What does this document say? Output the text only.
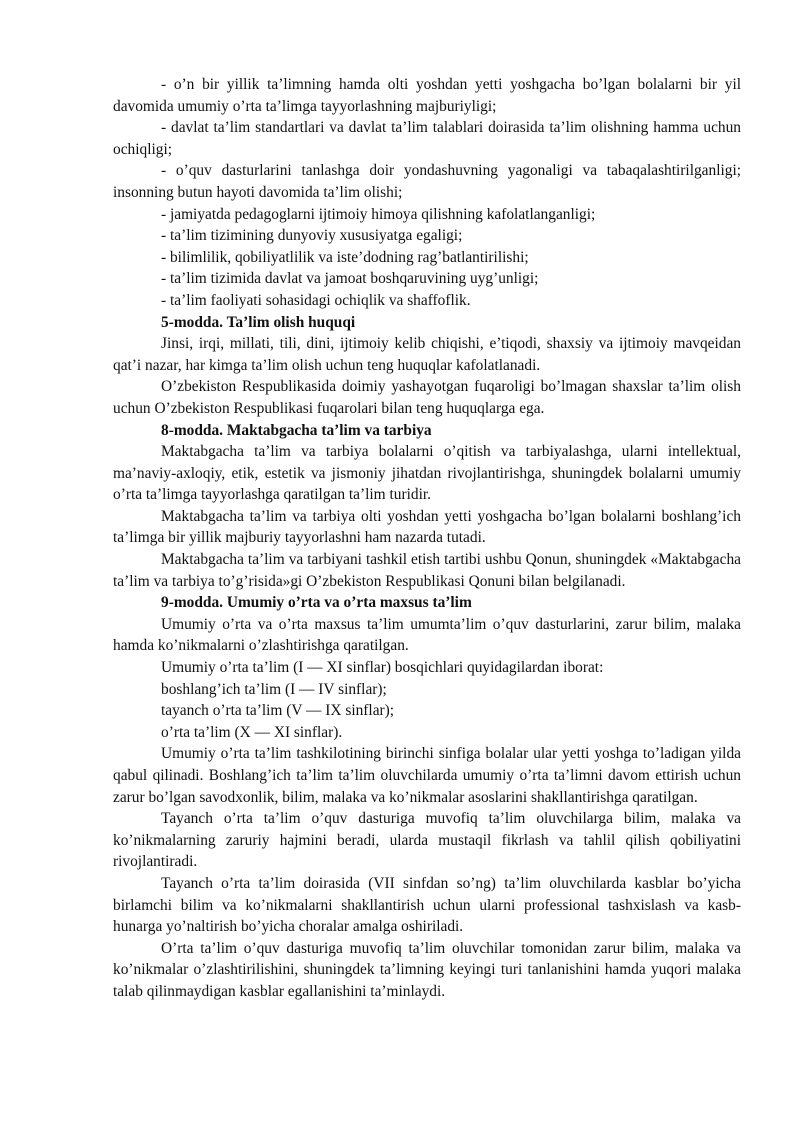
- o’n bir yillik ta’limning hamda olti yoshdan yetti yoshgacha bo’lgan bolalarni bir yil davomida umumiy o’rta ta’limga tayyorlashning majburiyligi;

- davlat ta’lim standartlari va davlat ta’lim talablari doirasida ta’lim olishning hamma uchun ochiqligi;

- o’quv dasturlarini tanlashga doir yondashuvning yagonaligi va tabaqalashtirilganligi; insonning butun hayoti davomida ta’lim olishi;

- jamiyatda pedagoglarni ijtimoiy himoya qilishning kafolatlanganligi;

- ta’lim tizimining dunyoviy xususiyatga egaligi;

- bilimlilik, qobiliyatlilik va iste’dodning rag’batlantirilishi;

- ta’lim tizimida davlat va jamoat boshqaruvining uyg’unligi;

- ta’lim faoliyati sohasidagi ochiqlik va shaffoflik.

5-modda. Ta’lim olish huquqi

Jinsi, irqi, millati, tili, dini, ijtimoiy kelib chiqishi, e’tiqodi, shaxsiy va ijtimoiy mavqeidan qat’i nazar, har kimga ta’lim olish uchun teng huquqlar kafolatlanadi.

O’zbekiston Respublikasida doimiy yashayotgan fuqaroligi bo’lmagan shaxslar ta’lim olish uchun O’zbekiston Respublikasi fuqarolari bilan teng huquqlarga ega.

8-modda. Maktabgacha ta’lim va tarbiya

Maktabgacha ta’lim va tarbiya bolalarni o’qitish va tarbiyalashga, ularni intellektual, ma’naviy-axloqiy, etik, estetik va jismoniy jihatdan rivojlantirishga, shuningdek bolalarni umumiy o’rta ta’limga tayyorlashga qaratilgan ta’lim turidir.

Maktabgacha ta’lim va tarbiya olti yoshdan yetti yoshgacha bo’lgan bolalarni boshlang’ich ta’limga bir yillik majburiy tayyorlashni ham nazarda tutadi.

Maktabgacha ta’lim va tarbiyani tashkil etish tartibi ushbu Qonun, shuningdek «Maktabgacha ta’lim va tarbiya to’g’risida»gi O’zbekiston Respublikasi Qonuni bilan belgilanadi.

9-modda. Umumiy o’rta va o’rta maxsus ta’lim

Umumiy o’rta va o’rta maxsus ta’lim umumta’lim o’quv dasturlarini, zarur bilim, malaka hamda ko’nikmalarni o’zlashtirishga qaratilgan.

Umumiy o’rta ta’lim (I — XI sinflar) bosqichlari quyidagilardan iborat:

boshlang’ich ta’lim (I — IV sinflar);

tayanch o’rta ta’lim (V — IX sinflar);

o’rta ta’lim (X — XI sinflar).

Umumiy o’rta ta’lim tashkilotining birinchi sinfiga bolalar ular yetti yoshga to’ladigan yilda qabul qilinadi. Boshlang’ich ta’lim ta’lim oluvchilarda umumiy o’rta ta’limni davom ettirish uchun zarur bo’lgan savodxonlik, bilim, malaka va ko’nikmalar asoslarini shakllantirishga qaratilgan.

Tayanch o’rta ta’lim o’quv dasturiga muvofiq ta’lim oluvchilarga bilim, malaka va ko’nikmalarning zaruriy hajmini beradi, ularda mustaqil fikrlash va tahlil qilish qobiliyatini rivojlantiradi.

Tayanch o’rta ta’lim doirasida (VII sinfdan so’ng) ta’lim oluvchilarda kasblar bo’yicha birlamchi bilim va ko’nikmalarni shakllantirish uchun ularni professional tashxislash va kasb-hunarga yo’naltirish bo’yicha choralar amalga oshiriladi.

O’rta ta’lim o’quv dasturiga muvofiq ta’lim oluvchilar tomonidan zarur bilim, malaka va ko’nikmalar o’zlashtirilishini, shuningdek ta’limning keyingi turi tanlanishini hamda yuqori malaka talab qilinmaydigan kasblar egallanishini ta’minlaydi.
